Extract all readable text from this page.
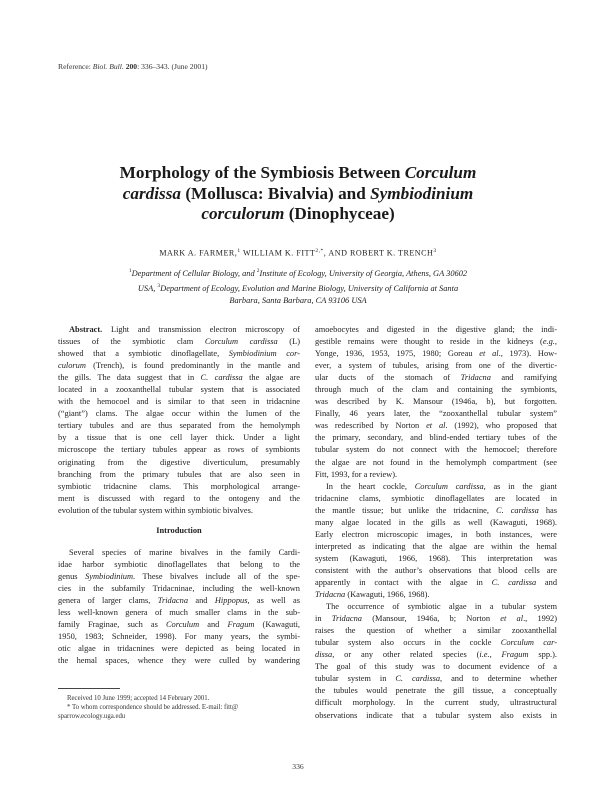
Reference: Biol. Bull. 200: 336–343. (June 2001)
Morphology of the Symbiosis Between Corculum
cardissa (Mollusca: Bivalvia) and Symbiodinium
corculorum (Dinophyceae)
MARK A. FARMER,$^1$ WILLIAM K. $FITT^{2,*}$, AND ROBERT K. TRENCH$^3$
$^1$Department of Cellular Biology, and $^2$Institute of Ecology, University of Georgia, Athens, GA 30602
USA, $^3$Department of Ecology, Evolution and Marine Biology, University of California at Santa
Barbara, Santa Barbara, CA 93106 USA
Abstract. Light and transmission electron microscopy of
tissues of the symbiotic clam Corculum cardissa (L)
showed that a symbiotic dinoflagellate, Symbiodinium cor-
culorum (Trench), is found predominantly in the mantle and
the gills. The data suggest that in C. cardissa the algae are
located in a zooxanthellal tubular system that is associated
with the hemocoel and is similar to that seen in tridacnine
(“giant”) clams. The algae occur within the lumen of the
tertiary tubules and are thus separated from the hemolymph
by a tissue that is one cell layer thick. Under a light
microscope the tertiary tubules appear as rows of symbionts
originating from the digestive diverticulum, presumably
branching from the primary tubules that are also seen in
symbiotic tridacnine clams. This morphological arrange-
ment is discussed with regard to the ontogeny and the
evolution of the tubular system within symbiotic bivalves.
Introduction
Several species of marine bivalves in the family Cardi-
idae harbor symbiotic dinoflagellates that belong to the
genus Symbiodinium. These bivalves include all of the spe-
cies in the subfamily Tridacninae, including the well-known
genera of larger clams, Tridacna and Hippopus, as well as
less well-known genera of much smaller clams in the sub-
family Fraginae, such as Corculum and Fragum (Kawaguti,
1950, 1983; Schneider, 1998). For many years, the symbi-
otic algae in tridacnines were depicted as being located in
the hemal spaces, whence they were culled by wandering
amoebocytes and digested in the digestive gland; the indi-
gestible remains were thought to reside in the kidneys (e.g.,
Yonge, 1936, 1953, 1975, 1980; Goreau et al., 1973). How-
ever, a system of tubules, arising from one of the divertic-
ular ducts of the stomach of Tridacna and ramifying
through much of the clam and containing the symbionts,
was described by K. Mansour (1946a, b), but forgotten.
Finally, 46 years later, the “zooxanthellal tubular system”
was redescribed by Norton et al. (1992), who proposed that
the primary, secondary, and blind-ended tertiary tubes of the
tubular system do not connect with the hemocoel; therefore
the algae are not found in the hemolymph compartment (see
Fitt, 1993, for a review).
In the heart cockle, Corculum cardissa, as in the giant
tridacnine clams, symbiotic dinoflagellates are located in
the mantle tissue; but unlike the tridacnine, C. cardissa has
many algae located in the gills as well (Kawaguti, 1968).
Early electron microscopic images, in both instances, were
interpreted as indicating that the algae are within the hemal
system (Kawaguti, 1966, 1968). This interpretation was
consistent with the author’s observations that blood cells are
apparently in contact with the algae in C. cardissa and
Tridacna (Kawaguti, 1966, 1968).
The occurrence of symbiotic algae in a tubular system
in Tridacna (Mansour, 1946a, b; Norton et al., 1992)
raises the question of whether a similar zooxanthellal
tubular system also occurs in the cockle Corculum car-
dissa, or any other related species (i.e., Fragum spp.).
The goal of this study was to document evidence of a
tubular system in C. cardissa, and to determine whether
the tubules would penetrate the gill tissue, a conceptually
difficult morphology. In the current study, ultrastructural
observations indicate that a tubular system also exists in
Received 10 June 1999; accepted 14 February 2001.
* To whom correspondence should be addressed. E-mail: fitt@
sparrow.ecology.uga.edu
336
